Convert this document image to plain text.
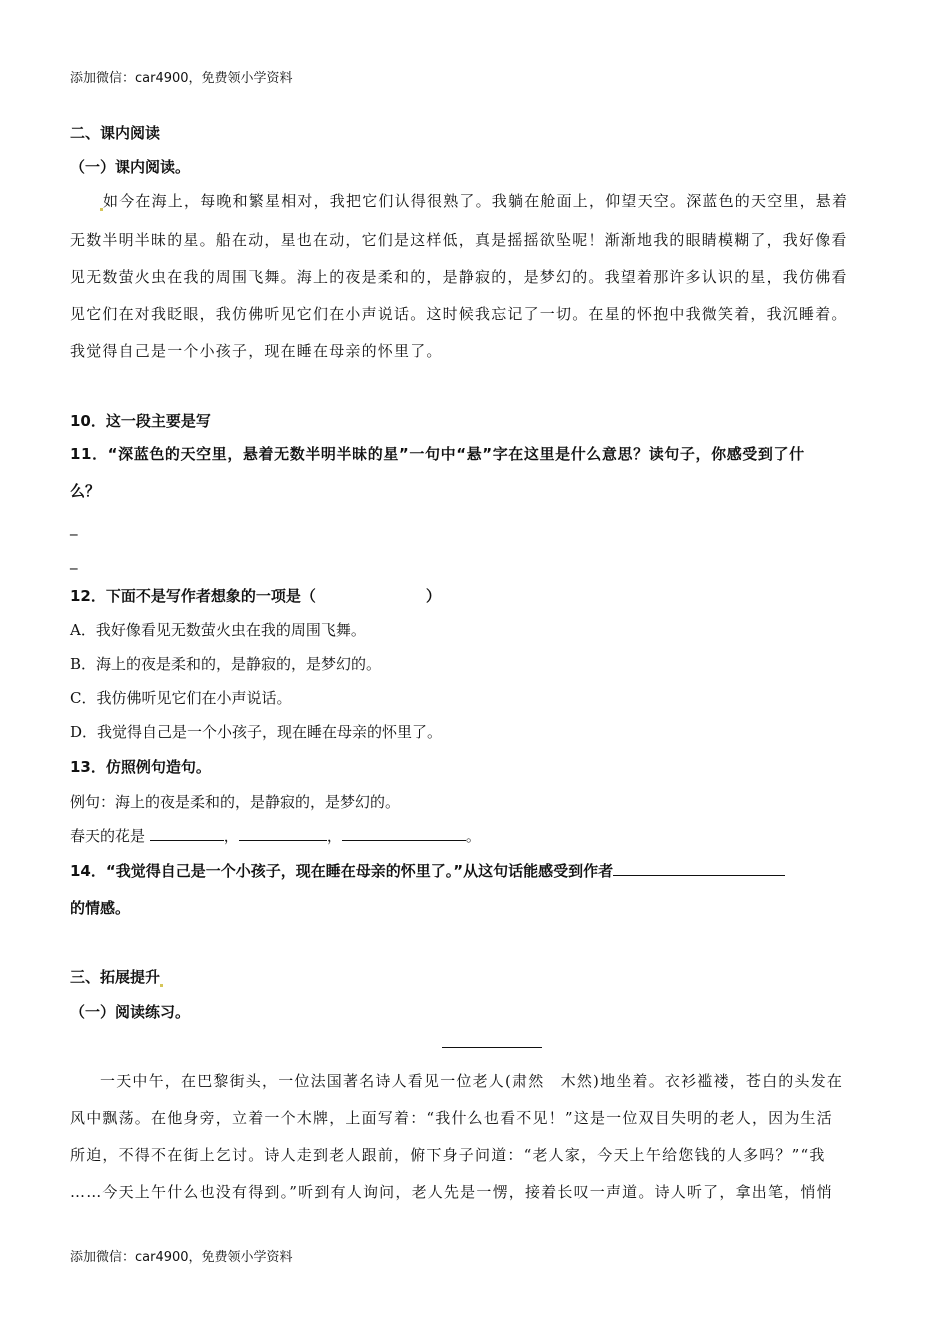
添加微信：car4900，免费领小学资料
二、课内阅读
（一）课内阅读。
如今在海上，每晚和繁星相对，我把它们认得很熟了。我躺在舱面上，仰望天空。深蓝色的天空里，悬着
无数半明半昧的星。船在动，星也在动，它们是这样低，真是摇摇欲坠呢！渐渐地我的眼睛模糊了，我好像看
见无数萤火虫在我的周围飞舞。海上的夜是柔和的，是静寂的，是梦幻的。我望着那许多认识的星，我仿佛看
见它们在对我眨眼，我仿佛听见它们在小声说话。这时候我忘记了一切。在星的怀抱中我微笑着，我沉睡着。
我觉得自己是一个小孩子，现在睡在母亲的怀里了。
10．这一段主要是写
11．“深蓝色的天空里，悬着无数半明半昧的星”一句中“悬”字在这里是什么意思？读句子，你感受到了什
么？
_
_
12．下面不是写作者想象的一项是（	）
A．我好像看见无数萤火虫在我的周围飞舞。
B．海上的夜是柔和的，是静寂的，是梦幻的。
C．我仿佛听见它们在小声说话。
D．我觉得自己是一个小孩子，现在睡在母亲的怀里了。
13．仿照例句造句。
例句：海上的夜是柔和的，是静寂的，是梦幻的。
春天的花是	，	，	。
14．“我觉得自己是一个小孩子，现在睡在母亲的怀里了。”从这句话能感受到作者
的情感。
三、拓展提升
（一）阅读练习。
一天中午，在巴黎街头，一位法国著名诗人看见一位老人(肃然　木然)地坐着。衣衫褴褛，苍白的头发在
风中飘荡。在他身旁，立着一个木牌，上面写着：“我什么也看不见！”这是一位双目失明的老人，因为生活
所迫，不得不在街上乞讨。诗人走到老人跟前，俯下身子问道：“老人家，今天上午给您钱的人多吗？”“我
……今天上午什么也没有得到。”听到有人询问，老人先是一愣，接着长叹一声道。诗人听了，拿出笔，悄悄
添加微信：car4900，免费领小学资料
